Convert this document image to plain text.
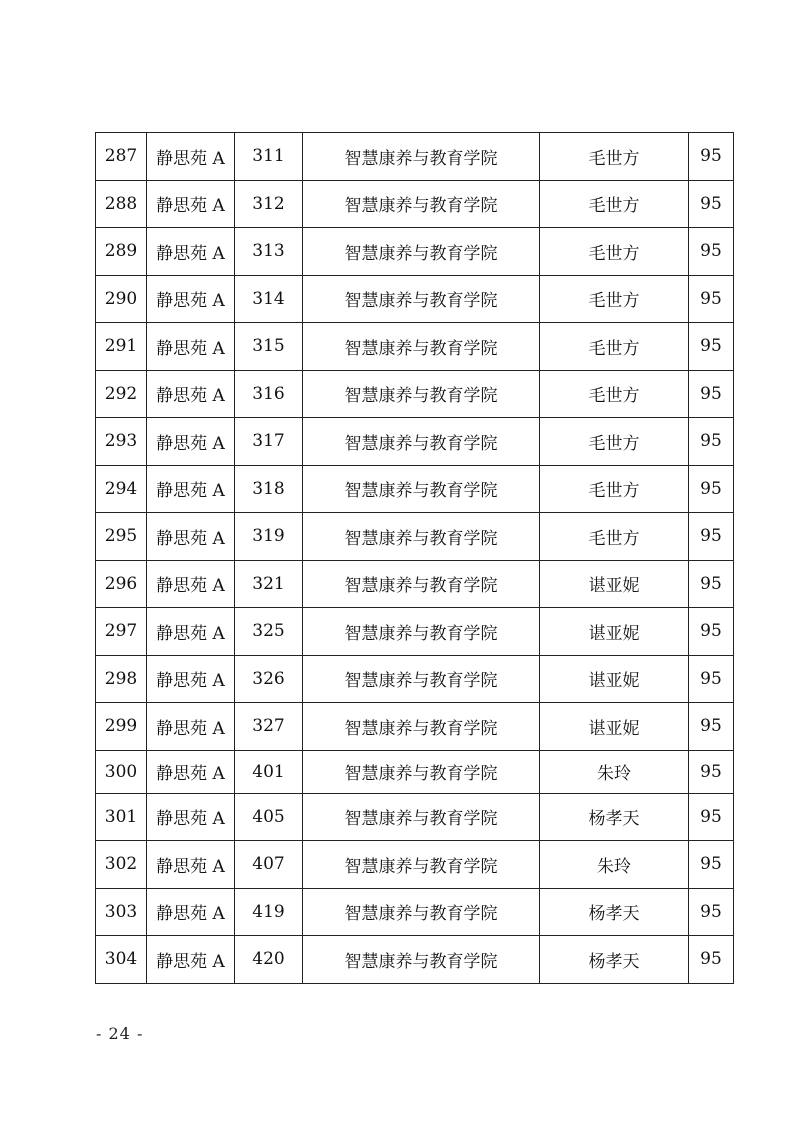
287	静思苑 A	311	智慧康养与教育学院	毛世方	95
288	静思苑 A	312	智慧康养与教育学院	毛世方	95
289	静思苑 A	313	智慧康养与教育学院	毛世方	95
290	静思苑 A	314	智慧康养与教育学院	毛世方	95
291	静思苑 A	315	智慧康养与教育学院	毛世方	95
292	静思苑 A	316	智慧康养与教育学院	毛世方	95
293	静思苑 A	317	智慧康养与教育学院	毛世方	95
294	静思苑 A	318	智慧康养与教育学院	毛世方	95
295	静思苑 A	319	智慧康养与教育学院	毛世方	95
296	静思苑 A	321	智慧康养与教育学院	谌亚妮	95
297	静思苑 A	325	智慧康养与教育学院	谌亚妮	95
298	静思苑 A	326	智慧康养与教育学院	谌亚妮	95
299	静思苑 A	327	智慧康养与教育学院	谌亚妮	95
300	静思苑 A	401	智慧康养与教育学院	朱玲	95
301	静思苑 A	405	智慧康养与教育学院	杨孝天	95
302	静思苑 A	407	智慧康养与教育学院	朱玲	95
303	静思苑 A	419	智慧康养与教育学院	杨孝天	95
304	静思苑 A	420	智慧康养与教育学院	杨孝天	95
- 24 -
